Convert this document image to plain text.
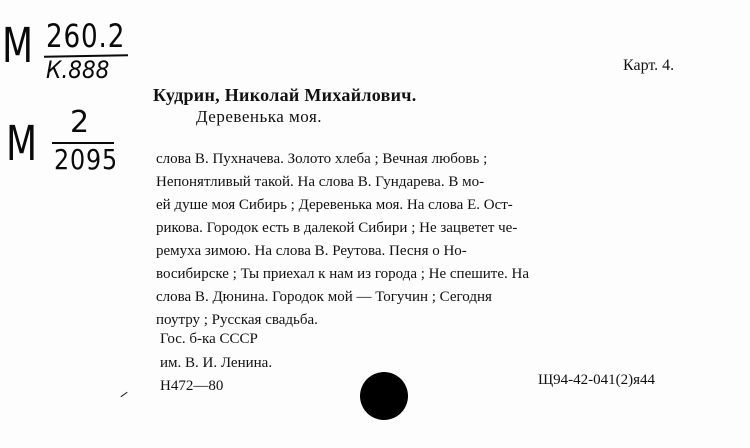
М 260.2
К.888
М 2
2095
Карт. 4.
Кудрин, Николай Михайлович.
Деревенька моя.
слова В. Пухначева. Золото хлеба ; Вечная любовь ;
Непонятливый такой. На слова В. Гундарева. В мо-
ей душе моя Сибирь ; Деревенька моя. На слова Е. Ост-
рикова. Городок есть в далекой Сибири ; Не зацветет че-
ремуха зимою. На слова В. Реутова. Песня о Но-
восибирске ; Ты приехал к нам из города ; Не спешите. На
слова В. Дюнина. Городок мой — Тогучин ; Сегодня
поутру ; Русская свадьба.
Гос. б-ка СССР
им. В. И. Ленина.
Н472—80	Щ94-42-041(2)я44
